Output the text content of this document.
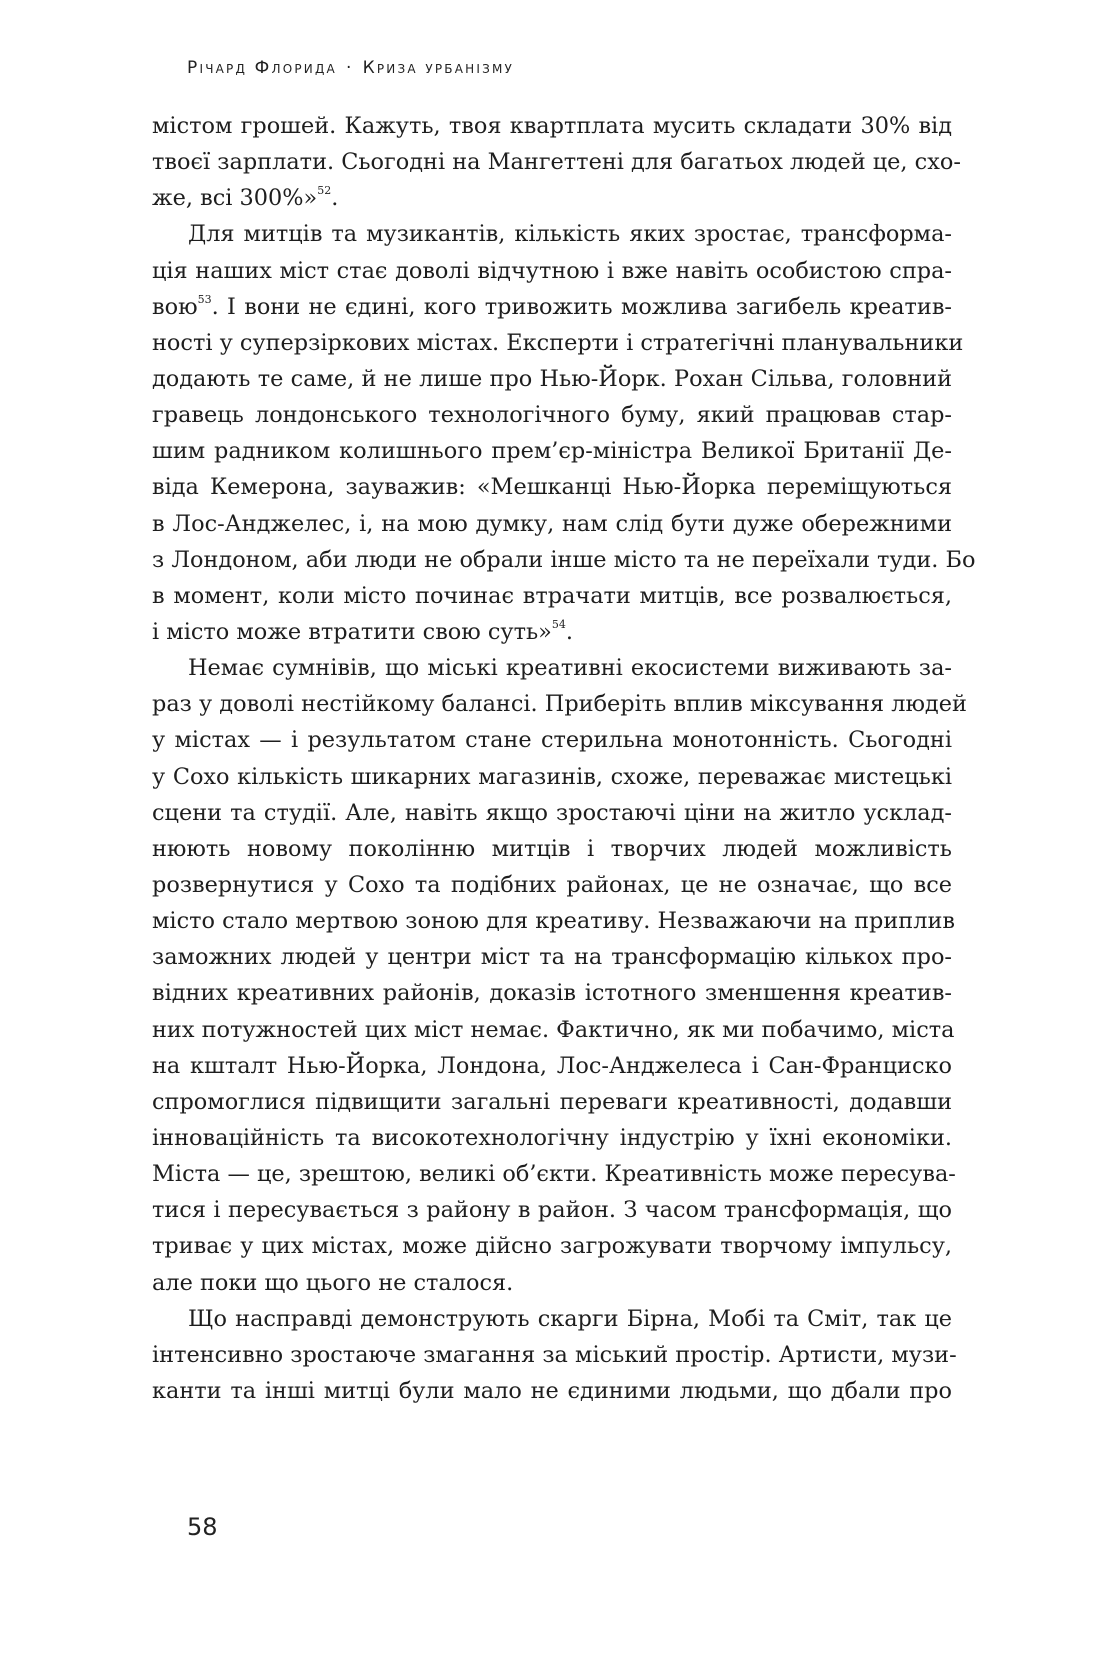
Річард Флорида · Криза урбанізму
містом грошей. Кажуть, твоя квартплата мусить складати 30% від
твоєї зарплати. Сьогодні на Мангеттені для багатьох людей це, схо-
же, всі 300%»$^{52}$.
Для митців та музикантів, кількість яких зростає, трансформа-
ція наших міст стає доволі відчутною і вже навіть особистою спра-
вою$^{53}$. І вони не єдині, кого тривожить можлива загибель креатив-
ності у суперзіркових містах. Експерти і стратегічні планувальники
додають те саме, й не лише про Нью-Йорк. Рохан Сільва, головний
гравець лондонського технологічного буму, який працював стар-
шим радником колишнього прем’єр-міністра Великої Британії Де-
віда Кемерона, зауважив: «Мешканці Нью-Йорка переміщуються
в Лос-Анджелес, і, на мою думку, нам слід бути дуже обережними
з Лондоном, аби люди не обрали інше місто та не переїхали туди. Бо
в момент, коли місто починає втрачати митців, все розвалюється,
і місто може втратити свою суть»$^{54}$.
Немає сумнівів, що міські креативні екосистеми виживають за-
раз у доволі нестійкому балансі. Приберіть вплив міксування людей
у містах — і результатом стане стерильна монотонність. Сьогодні
у Сохо кількість шикарних магазинів, схоже, переважає мистецькі
сцени та студії. Але, навіть якщо зростаючі ціни на житло усклад-
нюють новому поколінню митців і творчих людей можливість
розвернутися у Сохо та подібних районах, це не означає, що все
місто стало мертвою зоною для креативу. Незважаючи на приплив
заможних людей у центри міст та на трансформацію кількох про-
відних креативних районів, доказів істотного зменшення креатив-
них потужностей цих міст немає. Фактично, як ми побачимо, міста
на кшталт Нью-Йорка, Лондона, Лос-Анджелеса і Сан-Франциско
спромоглися підвищити загальні переваги креативності, додавши
інноваційність та високотехнологічну індустрію у їхні економіки.
Міста — це, зрештою, великі об’єкти. Креативність може пересува-
тися і пересувається з району в район. З часом трансформація, що
триває у цих містах, може дійсно загрожувати творчому імпульсу,
але поки що цього не сталося.
Що насправді демонструють скарги Бірна, Мобі та Сміт, так це
інтенсивно зростаюче змагання за міський простір. Артисти, музи-
канти та інші митці були мало не єдиними людьми, що дбали про
58
